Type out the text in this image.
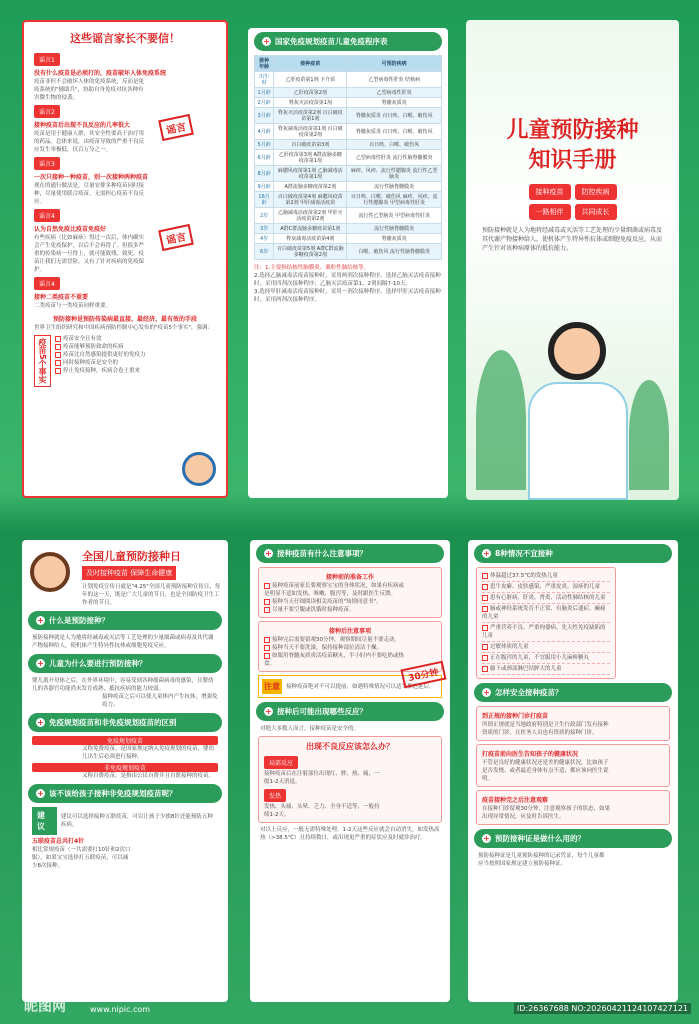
这些谣言家长不要信！
谣言1
没有什么疫苗是必须打的，疫苗破坏人体免疫系统
疫苗非但不会破坏人体的免疫系统，反而是免疫系统的"辅助兵"，协助自身免疫对抗各种有害微生物的侵袭。
谣言2
接种疫苗后出现不良反应的几率很大
疫苗是用于健康人群，其安全性要高于治疗用的药品。总体来说，由疫苗导致的严重不良反应发生率极低，仅百万分之一。
谣言3
一次只接种一种疫苗，别一次接种两种疫苗
现在的通行做法是，尽量安排多种疫苗同时接种，尽量使用联合疫苗，无需担心疫苗不良反应。
谣言4
认为自然免疫比疫苗免疫好
有些疾病（比如麻疹）得过一次后，体内确实会产生免疫保护，以后不会再得了。但很多严重的传染病一旦得上，就可能致残、致死，疫苗让我们无需冒险，又有了针对疾病的免疫保护。
谣言4
接种二类疫苗不重要
二类疫苗与一类疫苗同样重要。
谣言
谣言
预防接种是预防传染病最直接、最经济、最有效的手段
世界卫生组织研究和中国疾病预防控制中心发布的"疫苗5个事实"，强调：
疫苗5个事实	疫苗安全且有效
疫苗能够预防致命的疾病
疫苗比自然感染提供更好的免疫力
同时接种疫苗是安全的
停止免疫接种，疾病会卷土重来
+ 国家免疫规划疫苗儿童免疫程序表
接种年龄	接种疫苗	可预防疾病
出生时	乙肝疫苗第1剂 卡介苗	乙型病毒性肝炎 结核病
1月龄	乙肝疫苗第2剂	乙型病毒性肝炎
2月龄	脊灰灭活疫苗第1剂	脊髓灰质炎
3月龄	脊灰灭活疫苗第2剂 百白破疫苗第1剂	脊髓灰质炎 百日咳、白喉、破伤风
4月龄	脊灰减毒活疫苗第1剂 百白破疫苗第2剂	脊髓灰质炎 百日咳、白喉、破伤风
5月龄	百白破疫苗第3剂	百日咳、白喉、破伤风
6月龄	乙肝疫苗第3剂 A群流脑多糖疫苗第1剂	乙型病毒性肝炎 流行性脑脊髓膜炎
8月龄	麻腮风疫苗第1剂 乙脑减毒活疫苗第1剂	麻疹、风疹、流行性腮腺炎 流行性乙型脑炎
9月龄	A群流脑多糖疫苗第2剂	流行性脑脊髓膜炎
18月龄	百白破疫苗第4剂 麻腮风疫苗第2剂 甲肝减毒活疫苗	百日咳、白喉、破伤风 麻疹、风疹、流行性腮腺炎 甲型病毒性肝炎
2岁	乙脑减毒活疫苗第2剂 甲肝灭活疫苗第2剂	流行性乙型脑炎 甲型病毒性肝炎
3岁	A群C群流脑多糖疫苗第1剂	流行性脑脊髓膜炎
4岁	脊灰减毒活疫苗第4剂	脊髓灰质炎
6岁	百白破疫苗第5剂 A群C群流脑多糖疫苗第2剂	白喉、破伤风 流行性脑脊髓膜炎
注：1.主要指结核性脑膜炎、粟粒性肺结核等。
2.选择乙脑减毒活疫苗接种时，采用两剂次接种程序。选择乙脑灭活疫苗接种时，采用四剂次接种程序；乙脑灭活疫苗第1、2剂间隔7-10天。
3.选择甲肝减毒活疫苗接种时，采用一剂次接种程序。选择甲肝灭活疫苗接种时，采用两剂次接种程序。
儿童预防接种
知识手册
接种疫苗	防控疾病一路相伴	共同成长
预防接种就是人为地将经减毒或灭活等工艺处理的少量细菌或病毒及其代谢产物接种给人，使机体产生特异性抗体或细胞免疫反应，从而产生针对该种病原体的抵抗能力。
全国儿童预防接种日
及时接种疫苗 保障生命健康
计划免疫宣传日就是"4.25"全国儿童预防接种宣传日，每年的这一天，既是广大儿童的节日，也是全国防疫卫生工作者的节日。
+ 什么是预防接种？
预防接种就是人为地将经减毒或灭活等工艺处理的少量细菌或病毒及其代谢产物接种给人，使机体产生特异性抗体或细胞免疫反应。
+ 儿童为什么要进行预防接种？
婴儿离开母体之后，在外界环境中，容易受到各种细菌病毒的感染，且婴幼儿的各器官功能尚未发育成熟，抵抗疾病的能力较弱。
接种疫苗之后可以使儿童体内产生抗体，增强免疫力。
+ 免疫规划疫苗和非免疫规划疫苗的区别
免疫规划疫苗
又称免费疫苗，是国家规定纳入免疫规划的疫苗，婴幼儿出生后必须进行接种。
非免疫规划疫苗
又称自费疫苗，是指由公民自费并且自愿接种的疫苗。
+ 该不该给孩子接种非免疫规划疫苗呢？
建议
建议可以选择接种五联疫苗，可以让孩子少挨8针还能预防五种疾病。
五联疫苗总共打4针
相比常规疫苗（一共需要打10针和2次口服），如果宝宝选择打五联疫苗，可以减少8次接种。
+ 接种疫苗有什么注意事项？
接种前的准备工作
接种疫苗前家长要观察宝宝的身体状况，如果有疾病或是明显不适如发热、咳嗽、腹泻等，及时跟医生反馈。
接种当天仔细阅读相关疫苗的"知情同意书"。
尽量不要空腹或饥饿时接种疫苗。
接种后注意事项
接种完后需要留观30分钟，观察期间尽量不要走动。
接种当天不要洗澡，保持接种部位清洁干燥。
如服用脊髓灰质炎活疫苗糖丸，半小时内不要吃奶或热食。
30分钟
注意	接种疫苗绝对不可以提前，如遇特殊情况可以适当推迟延后。
+ 接种后可能出现哪些反应？
对绝大多数人而言，接种疫苗是安全的。
出现不良反应该怎么办？
局部反应
接种疫苗后在注射部位出现红、肿、热、痛，一般1-2天消退。
发热
发热、头痛、头晕、乏力、全身不适等，一般持续1-2天。
对以上反应，一般无需特殊处理。1-2天这些反应就会自动消失。如发热高热（>38.5℃）且持续数日，或出现更严重的症状应及时就诊治疗。
+ 8种情况不宜接种
体温超过37.5℃的发热儿童
患牛皮癣、皮肤感染、严重皮炎、湿疹的儿童
患有心脏病、肝炎、肾炎、活动性肺结核的儿童
脑或神经系统发育不正常、有脑炎后遗症、癫痫的儿童
严重营养不良、严重佝偻病、先天性免疫缺陷的儿童
过敏体质的儿童
正在腹泻的儿童，不宜服用小儿麻痹糖丸
腋下或颈部淋巴结肿大的儿童
+ 怎样安全接种疫苗？
到正规的接种门诊打疫苗
所谓正规就是当地政府特别是卫生行政部门发有接种资质的门诊，且医务人员也有资质的接种门诊。
打疫苗前向医生告知孩子的健康状况
不管是良好的健康状况还是差的健康状况，比如孩子是否发烧、或者最近身体有点不适，都应该向医生说明。
疫苗接种完之后注意观察
在接种门诊留观30分钟，注意观察孩子的状态，如果出现异常情况，应及时告诉医生。
+ 预防接种证是做什么用的？
预防接种证是儿童预防接种的记录凭证，每个儿童都应当按照国家规定建立预防接种证。
昵图网	www.nipic.com	ID:26367688 NO:20260421124107427121
